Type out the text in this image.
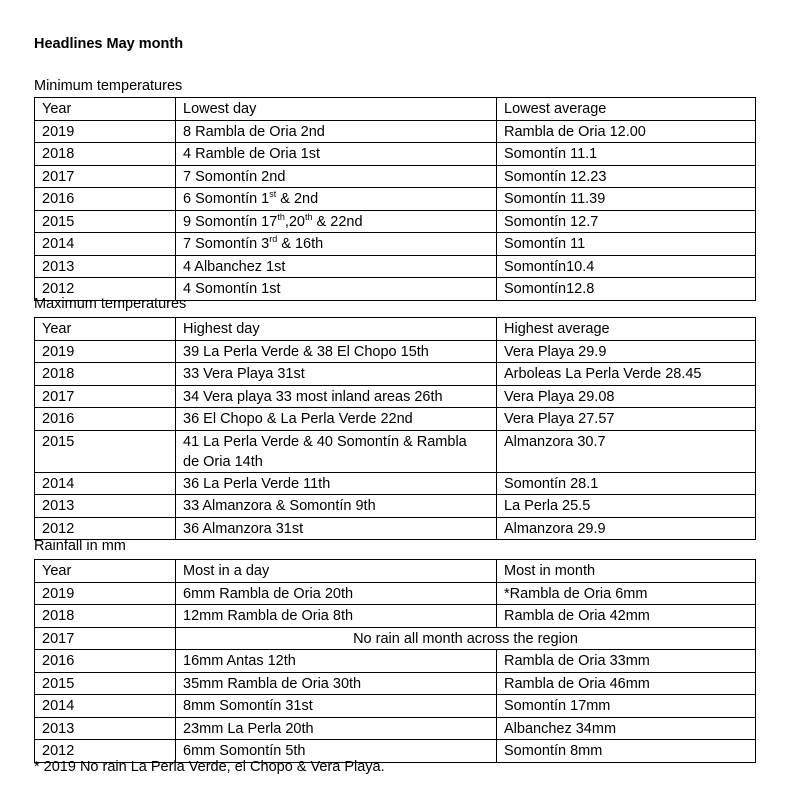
Headlines May month
Minimum temperatures
Year	Lowest day	Lowest average
2019	8 Rambla de Oria 2nd	Rambla de Oria 12.00
2018	4 Ramble de Oria 1st	Somontín 11.1
2017	7 Somontín 2nd	Somontín 12.23
2016	6 Somontín 1st & 2nd	Somontín 11.39
2015	9 Somontín 17th,20th & 22nd	Somontín 12.7
2014	7 Somontín 3rd & 16th	Somontín 11
2013	4 Albanchez 1st	Somontín10.4
2012	4 Somontín 1st	Somontín12.8
Maximum temperatures
Year	Highest day	Highest average
2019	39 La Perla Verde & 38 El Chopo 15th	Vera Playa 29.9
2018	33 Vera Playa 31st	Arboleas La Perla Verde 28.45
2017	34 Vera playa 33 most inland areas 26th	Vera Playa 29.08
2016	36 El Chopo & La Perla Verde 22nd	Vera Playa 27.57
2015	41 La Perla Verde & 40 Somontín & Rambla
de Oria 14th	Almanzora 30.7
2014	36 La Perla Verde 11th	Somontín 28.1
2013	33 Almanzora & Somontín 9th	La Perla 25.5
2012	36 Almanzora 31st	Almanzora 29.9
Rainfall in mm
Year	Most in a day	Most in month
2019	6mm Rambla de Oria 20th	*Rambla de Oria 6mm
2018	12mm Rambla de Oria 8th	Rambla de Oria 42mm
2017	No rain all month across the region	
2016	16mm Antas 12th	Rambla de Oria 33mm
2015	35mm Rambla de Oria 30th	Rambla de Oria 46mm
2014	8mm Somontín 31st	Somontín 17mm
2013	23mm La Perla 20th	Albanchez 34mm
2012	6mm Somontín 5th	Somontín 8mm
* 2019 No rain La Perla Verde, el Chopo & Vera Playa.
